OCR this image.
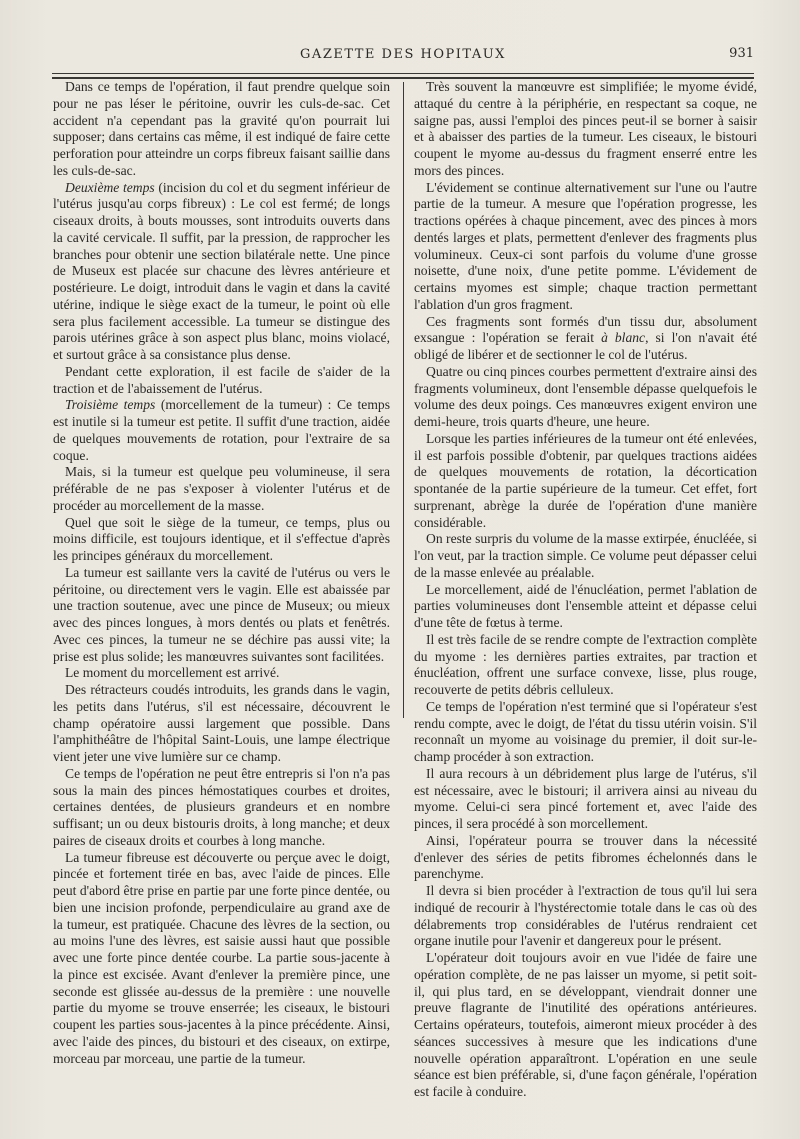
GAZETTE DES HOPITAUX	931

Dans ce temps de l'opération, il faut prendre quelque soin pour ne pas léser le péritoine, ouvrir les culs-de-sac. Cet accident n'a cependant pas la gravité qu'on pourrait lui supposer; dans certains cas même, il est indiqué de faire cette perforation pour atteindre un corps fibreux faisant saillie dans les culs-de-sac.

Deuxième temps (incision du col et du segment inférieur de l'utérus jusqu'au corps fibreux) : Le col est fermé; de longs ciseaux droits, à bouts mousses, sont introduits ouverts dans la cavité cervicale. Il suffit, par la pression, de rapprocher les branches pour obtenir une section bilatérale nette. Une pince de Museux est placée sur chacune des lèvres antérieure et postérieure. Le doigt, introduit dans le vagin et dans la cavité utérine, indique le siège exact de la tumeur, le point où elle sera plus facilement accessible. La tumeur se distingue des parois utérines grâce à son aspect plus blanc, moins violacé, et surtout grâce à sa consistance plus dense.

Pendant cette exploration, il est facile de s'aider de la traction et de l'abaissement de l'utérus.

Troisième temps (morcellement de la tumeur) : Ce temps est inutile si la tumeur est petite. Il suffit d'une traction, aidée de quelques mouvements de rotation, pour l'extraire de sa coque.

Mais, si la tumeur est quelque peu volumineuse, il sera préférable de ne pas s'exposer à violenter l'utérus et de procéder au morcellement de la masse.

Quel que soit le siège de la tumeur, ce temps, plus ou moins difficile, est toujours identique, et il s'effectue d'après les principes généraux du morcellement.

La tumeur est saillante vers la cavité de l'utérus ou vers le péritoine, ou directement vers le vagin. Elle est abaissée par une traction soutenue, avec une pince de Museux; ou mieux avec des pinces longues, à mors dentés ou plats et fenêtrés. Avec ces pinces, la tumeur ne se déchire pas aussi vite; la prise est plus solide; les manœuvres suivantes sont facilitées.

Le moment du morcellement est arrivé.

Des rétracteurs coudés introduits, les grands dans le vagin, les petits dans l'utérus, s'il est nécessaire, découvrent le champ opératoire aussi largement que possible. Dans l'amphithéâtre de l'hôpital Saint-Louis, une lampe électrique vient jeter une vive lumière sur ce champ.

Ce temps de l'opération ne peut être entrepris si l'on n'a pas sous la main des pinces hémostatiques courbes et droites, certaines dentées, de plusieurs grandeurs et en nombre suffisant; un ou deux bistouris droits, à long manche; et deux paires de ciseaux droits et courbes à long manche.

La tumeur fibreuse est découverte ou perçue avec le doigt, pincée et fortement tirée en bas, avec l'aide de pinces. Elle peut d'abord être prise en partie par une forte pince dentée, ou bien une incision profonde, perpendiculaire au grand axe de la tumeur, est pratiquée. Chacune des lèvres de la section, ou au moins l'une des lèvres, est saisie aussi haut que possible avec une forte pince dentée courbe. La partie sous-jacente à la pince est excisée. Avant d'enlever la première pince, une seconde est glissée au-dessus de la première : une nouvelle partie du myome se trouve enserrée; les ciseaux, le bistouri coupent les parties sous-jacentes à la pince précédente. Ainsi, avec l'aide des pinces, du bistouri et des ciseaux, on extirpe, morceau par morceau, une partie de la tumeur.

Très souvent la manœuvre est simplifiée; le myome évidé, attaqué du centre à la périphérie, en respectant sa coque, ne saigne pas, aussi l'emploi des pinces peut-il se borner à saisir et à abaisser des parties de la tumeur. Les ciseaux, le bistouri coupent le myome au-dessus du fragment enserré entre les mors des pinces.

L'évidement se continue alternativement sur l'une ou l'autre partie de la tumeur. A mesure que l'opération progresse, les tractions opérées à chaque pincement, avec des pinces à mors dentés larges et plats, permettent d'enlever des fragments plus volumineux. Ceux-ci sont parfois du volume d'une grosse noisette, d'une noix, d'une petite pomme. L'évidement de certains myomes est simple; chaque traction permettant l'ablation d'un gros fragment.

Ces fragments sont formés d'un tissu dur, absolument exsangue : l'opération se ferait à blanc, si l'on n'avait été obligé de libérer et de sectionner le col de l'utérus.

Quatre ou cinq pinces courbes permettent d'extraire ainsi des fragments volumineux, dont l'ensemble dépasse quelquefois le volume des deux poings. Ces manœuvres exigent environ une demi-heure, trois quarts d'heure, une heure.

Lorsque les parties inférieures de la tumeur ont été enlevées, il est parfois possible d'obtenir, par quelques tractions aidées de quelques mouvements de rotation, la décortication spontanée de la partie supérieure de la tumeur. Cet effet, fort surprenant, abrège la durée de l'opération d'une manière considérable.

On reste surpris du volume de la masse extirpée, énucléée, si l'on veut, par la traction simple. Ce volume peut dépasser celui de la masse enlevée au préalable.

Le morcellement, aidé de l'énucléation, permet l'ablation de parties volumineuses dont l'ensemble atteint et dépasse celui d'une tête de fœtus à terme.

Il est très facile de se rendre compte de l'extraction complète du myome : les dernières parties extraites, par traction et énucléation, offrent une surface convexe, lisse, plus rouge, recouverte de petits débris celluleux.

Ce temps de l'opération n'est terminé que si l'opérateur s'est rendu compte, avec le doigt, de l'état du tissu utérin voisin. S'il reconnaît un myome au voisinage du premier, il doit sur-le-champ procéder à son extraction.

Il aura recours à un débridement plus large de l'utérus, s'il est nécessaire, avec le bistouri; il arrivera ainsi au niveau du myome. Celui-ci sera pincé fortement et, avec l'aide des pinces, il sera procédé à son morcellement.

Ainsi, l'opérateur pourra se trouver dans la nécessité d'enlever des séries de petits fibromes échelonnés dans le parenchyme.

Il devra si bien procéder à l'extraction de tous qu'il lui sera indiqué de recourir à l'hystérectomie totale dans le cas où des délabrements trop considérables de l'utérus rendraient cet organe inutile pour l'avenir et dangereux pour le présent.

L'opérateur doit toujours avoir en vue l'idée de faire une opération complète, de ne pas laisser un myome, si petit soit-il, qui plus tard, en se développant, viendrait donner une preuve flagrante de l'inutilité des opérations antérieures. Certains opérateurs, toutefois, aimeront mieux procéder à des séances successives à mesure que les indications d'une nouvelle opération apparaîtront. L'opération en une seule séance est bien préférable, si, d'une façon générale, l'opération est facile à conduire.
